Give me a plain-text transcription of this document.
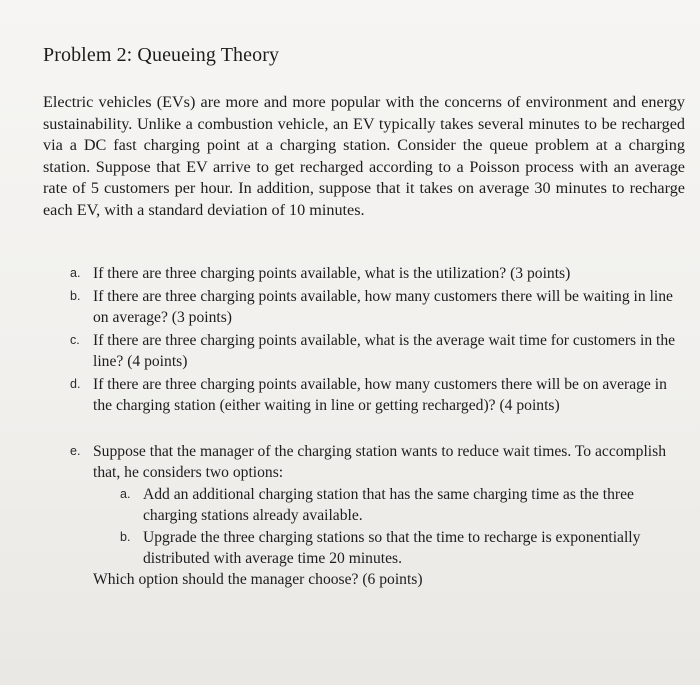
Problem 2: Queueing Theory
Electric vehicles (EVs) are more and more popular with the concerns of environment and energy sustainability. Unlike a combustion vehicle, an EV typically takes several minutes to be recharged via a DC fast charging point at a charging station. Consider the queue problem at a charging station. Suppose that EV arrive to get recharged according to a Poisson process with an average rate of 5 customers per hour. In addition, suppose that it takes on average 30 minutes to recharge each EV, with a standard deviation of 10 minutes.
a. If there are three charging points available, what is the utilization? (3 points)
b. If there are three charging points available, how many customers there will be waiting in line on average? (3 points)
c. If there are three charging points available, what is the average wait time for customers in the line? (4 points)
d. If there are three charging points available, how many customers there will be on average in the charging station (either waiting in line or getting recharged)? (4 points)
e. Suppose that the manager of the charging station wants to reduce wait times. To accomplish that, he considers two options:
a. Add an additional charging station that has the same charging time as the three charging stations already available.
b. Upgrade the three charging stations so that the time to recharge is exponentially distributed with average time 20 minutes.
Which option should the manager choose? (6 points)
